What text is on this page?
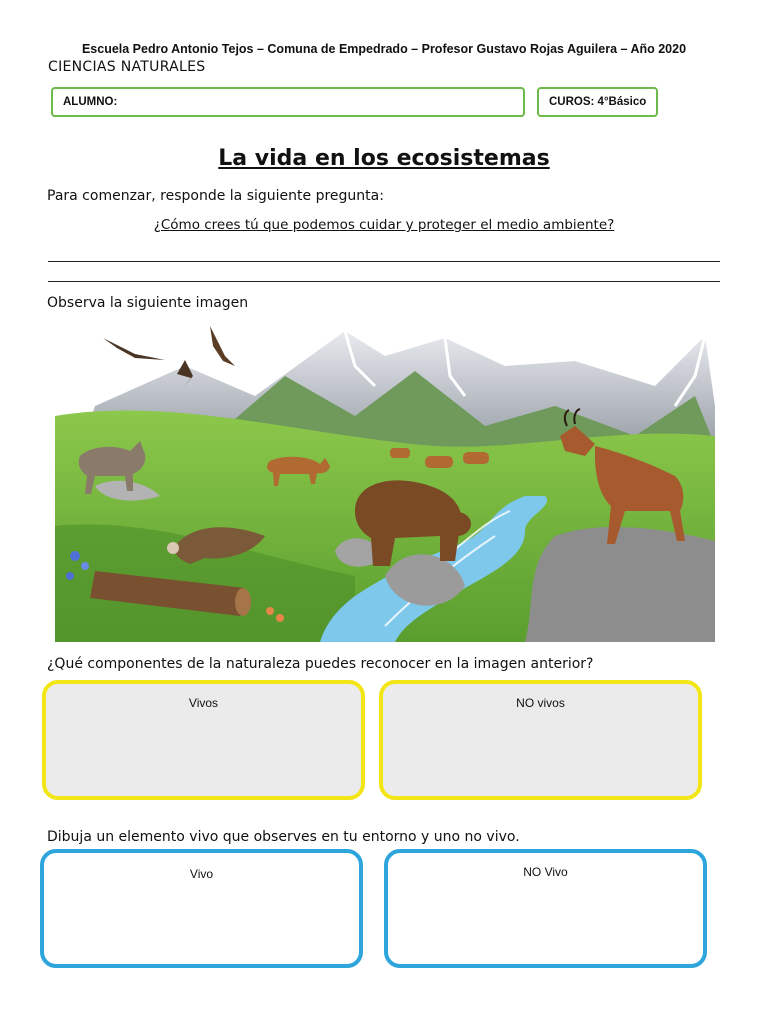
Escuela Pedro Antonio Tejos – Comuna de Empedrado – Profesor Gustavo Rojas Aguilera – Año 2020
CIENCIAS NATURALES
ALUMNO:	CUROS: 4°Básico
La vida en los ecosistemas
Para comenzar, responde la siguiente pregunta:
¿Cómo crees tú que podemos cuidar y proteger el medio ambiente?
Observa la siguiente imagen
¿Qué componentes de la naturaleza puedes reconocer en la imagen anterior?
Vivos	NO vivos
Dibuja un elemento vivo que observes en tu entorno y uno no vivo.
Vivo	NO Vivo
